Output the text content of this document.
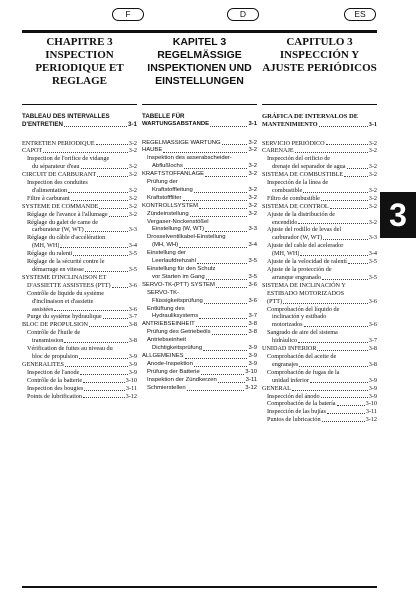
F	D	ES
CHAPITRE 3
INSPECTION
PERIODIQUE ET
REGLAGE
TABLEAU DES INTERVALLES
D'ENTRETIEN	3-1
ENTRETIEN PERIODIQUE	3-2
CAPOT	3-2
Inspection de l'orifice de vidange
du séparateur d'eau	3-2
CIRCUIT DE CARBURANT	3-2
Inspection des conduites
d'alimentation	3-2
Filtre à carburant	3-2
SYSTEME DE COMMANDE	3-2
Réglage de l'avance à l'allumage	3-2
Réglage du galet de came de
carburateur (W, WT)	3-3
Réglage du câble d'accélération
(MH, WH)	3-4
Réglage du ralenti	3-5
Réglage de la sécurité contre le
démarrage en vitesse	3-5
SYSTEME D'INCLINAISON ET
D'ASSIETTE ASSISTEES (PTT)	3-6
Contrôle de liquide du système
d'inclinaison et d'assiette
assistées	3-6
Purge du système hydraulique	3-7
BLOC DE PROPULSION	3-8
Contrôle de l'huile de
transmission	3-8
Vérification de fuites au niveau du
bloc de propulsion	3-9
GENERALITES	3-9
Inspection de l'anode	3-9
Contrôle de la batterie	3-10
Inspection des bougies	3-11
Points de lubrification	3-12
KAPITEL 3
REGELMÄSSIGE
INSPEKTIONEN UND
EINSTELLUNGEN
TABELLE FÜR
WARTUNGSABSTÄNDE	3-1
REGELMÄSSIGE WARTUNG	3-2
HAUBE	3-2
Inspektion des asserabscheider-
Abflußlochs	3-2
KRAFTSTOFFANLAGE	3-2
Prüfung der
Kraftstoffleitung	3-2
Kraftstofffilter	3-2
KONTROLLSYSTEM	3-2
Zündeinstellung	3-2
Vergaser-Nockenstößel
Einstellung (W, WT)	3-3
Drosselventilkabel-Einstellung
(MH, WH)	3-4
Einstellung der
Leerlaufdrehzahl	3-5
Einstellung für den Schutz
vor Starten im Gang	3-5
SERVO-TK-(PTT) SYSTEM	3-6
SERVO-TK-
Flüssigkeitsprüfung	3-6
Entlüftung des
Hydrauliksystems	3-7
ANTRIEBSEINHEIT	3-8
Prüfung des Getriebeöls	3-8
Antriebseinheit
Dichtigkeitsprüfung	3-9
ALLGEMEINES	3-9
Anode-Inspektion	3-9
Prüfung der Batterie	3-10
Inspektion der Zündkerzen	3-11
Schmierstellen	3-12
CAPITULO 3
INSPECCIÓN Y
AJUSTE PERIÓDICOS
GRÁFICA DE INTERVALOS DE
MANTENIMIENTO	3-1
SERVICIO PERIÓDICO	3-2
CARENAJE	3-2
Inspección del orificio de
drenaje del separador de agua	3-2
SISTEMA DE COMBUSTIBLE	3-2
Inspección de la línea de
combustible	3-2
Filtro de combustible	3-2
SISTEMA DE CONTROL	3-2
Ajuste de la distribución de
encendido	3-2
Ajuste del rodillo de levas del
carburador (W, WT)	3-3
Ajuste del cable del acelerador
(MH, WH)	3-4
Ajuste de la velocidad de ralentí	3-5
Ajuste de la protección de
arranque engranado	3-5
SISTEMA DE INCLINACIÓN Y
ESTIBADO MOTORIZADOS
(PTT)	3-6
Comprobación del líquido de
inclinación y estibado
motorizados	3-6
Sangrado de aire del sistema
hidráulico	3-7
UNIDAD INFERIOR	3-8
Comprobación del aceite de
engranajes	3-8
Comprobación de fugas de la
unidad inferior	3-9
GENERAL	3-9
Inspección del ánodo	3-9
Comprobación de la batería	3-10
Inspección de las bujías	3-11
Puntos de lubricación	3-12
3
